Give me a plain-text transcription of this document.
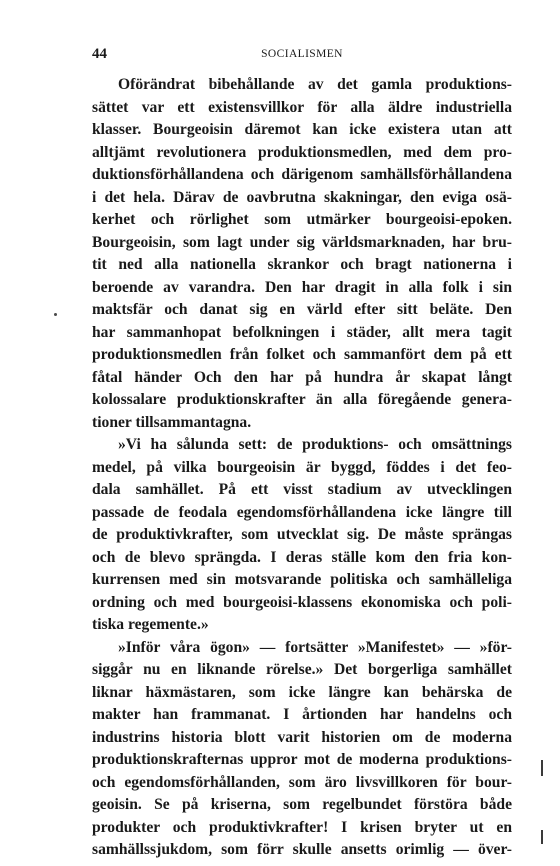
44	SOCIALISMEN
Oförändrat bibehållande av det gamla produktions-
sättet var ett existensvillkor för alla äldre industriella
klasser. Bourgeoisin däremot kan icke existera utan att
alltjämt revolutionera produktionsmedlen, med dem pro-
duktionsförhållandena och därigenom samhällsförhållandena
i det hela. Därav de oavbrutna skakningar, den eviga osä-
kerhet och rörlighet som utmärker bourgeoisi-epoken.
Bourgeoisin, som lagt under sig världsmarknaden, har bru-
tit ned alla nationella skrankor och bragt nationerna i
beroende av varandra. Den har dragit in alla folk i sin
maktsfär och danat sig en värld efter sitt beläte. Den
har sammanhopat befolkningen i städer, allt mera tagit
produktionsmedlen från folket och sammanfört dem på ett
fåtal händer Och den har på hundra år skapat långt
kolossalare produktionskrafter än alla föregående genera-
tioner tillsammantagna.
»Vi ha sålunda sett: de produktions- och omsättnings
medel, på vilka bourgeoisin är byggd, föddes i det feo-
dala samhället. På ett visst stadium av utvecklingen
passade de feodala egendomsförhållandena icke längre till
de produktivkrafter, som utvecklat sig. De måste sprängas
och de blevo sprängda. I deras ställe kom den fria kon-
kurrensen med sin motsvarande politiska och samhälleliga
ordning och med bourgeoisi-klassens ekonomiska och poli-
tiska regemente.»
»Inför våra ögon» — fortsätter »Manifestet» — »för-
siggår nu en liknande rörelse.» Det borgerliga samhället
liknar häxmästaren, som icke längre kan behärska de
makter han frammanat. I årtionden har handelns och
industrins historia blott varit historien om de moderna
produktionskrafternas uppror mot de moderna produktions-
och egendomsförhållanden, som äro livsvillkoren för bour-
geoisin. Se på kriserna, som regelbundet förstöra både
produkter och produktivkrafter! I krisen bryter ut en
samhällssjukdom, som förr skulle ansetts orimlig — över-
